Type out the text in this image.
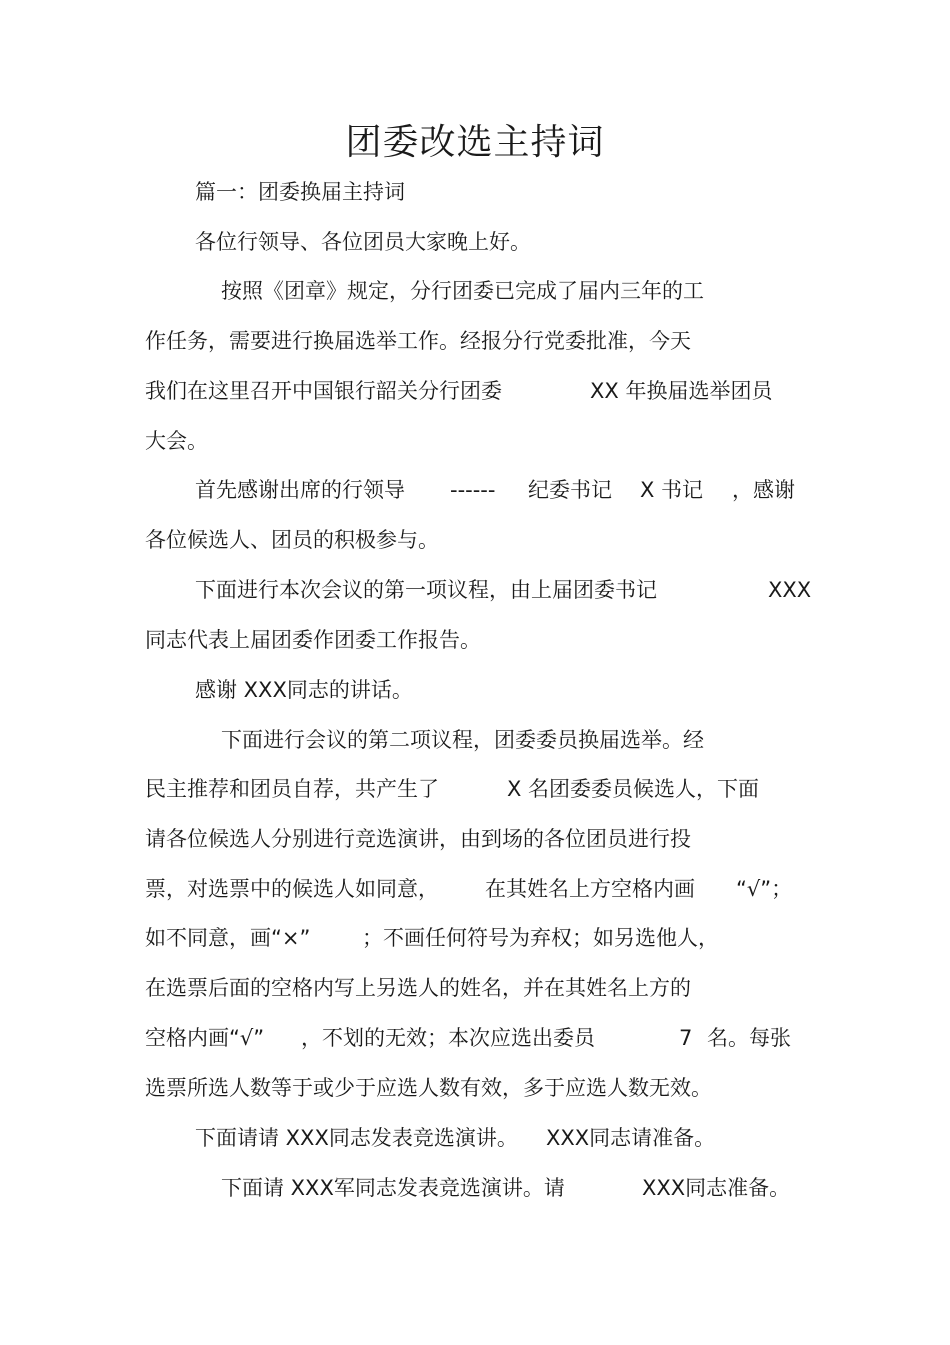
团委改选主持词
篇一：团委换届主持词
各位行领导、各位团员大家晚上好。
按照《团章》规定，分行团委已完成了届内三年的工
作任务，需要进行换届选举工作。经报分行党委批准，今天
我们在这里召开中国银行韶关分行团委	XX 年换届选举团员
大会。
首先感谢出席的行领导 ------ 纪委书记 X 书记 ，感谢
各位候选人、团员的积极参与。
下面进行本次会议的第一项议程，由上届团委书记	XXX
同志代表上届团委作团委工作报告。
感谢 XXX同志的讲话。
下面进行会议的第二项议程，团委委员换届选举。经
民主推荐和团员自荐，共产生了	X 名团委委员候选人，下面
请各位候选人分别进行竞选演讲，由到场的各位团员进行投
票，对选票中的候选人如同意， 在其姓名上方空格内画 “√”；
如不同意，画“×” ；不画任何符号为弃权；如另选他人，
在选票后面的空格内写上另选人的姓名，并在其姓名上方的
空格内画“√” ，不划的无效；本次应选出委员	7 名。每张
选票所选人数等于或少于应选人数有效，多于应选人数无效。
下面请请 XXX同志发表竞选演讲。 XXX同志请准备。
下面请 XXX军同志发表竞选演讲。请	XXX同志准备。
